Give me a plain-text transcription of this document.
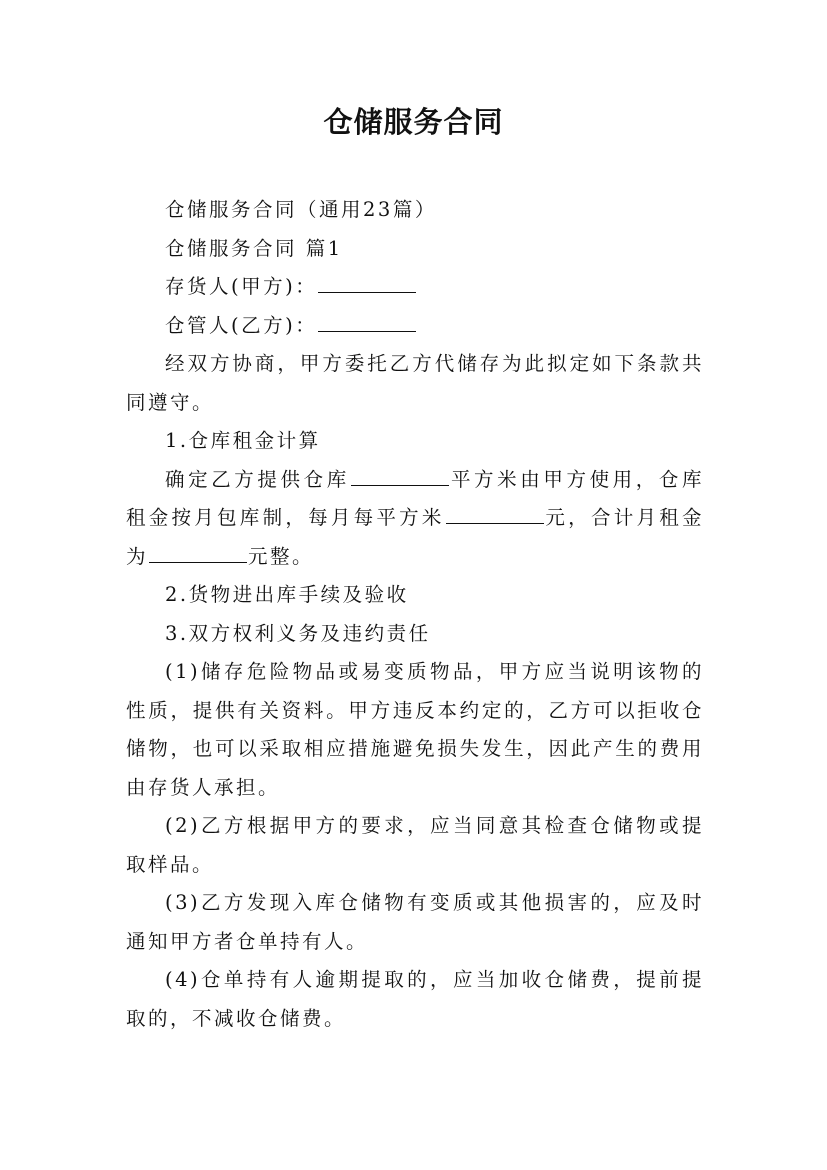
仓储服务合同
仓储服务合同（通用23篇）
仓储服务合同 篇1
存货人(甲方)：
仓管人(乙方)：

经双方协商，甲方委托乙方代储存为此拟定如下条款共同遵守。

1.仓库租金计算

确定乙方提供仓库	平方米由甲方使用，仓库租金按月包库制，每月每平方米	元，合计月租金为	元整。

2.货物进出库手续及验收
3.双方权利义务及违约责任

(1)储存危险物品或易变质物品，甲方应当说明该物的性质，提供有关资料。甲方违反本约定的，乙方可以拒收仓储物，也可以采取相应措施避免损失发生，因此产生的费用由存货人承担。

(2)乙方根据甲方的要求，应当同意其检查仓储物或提取样品。

(3)乙方发现入库仓储物有变质或其他损害的，应及时通知甲方者仓单持有人。

(4)仓单持有人逾期提取的，应当加收仓储费，提前提取的，不减收仓储费。
